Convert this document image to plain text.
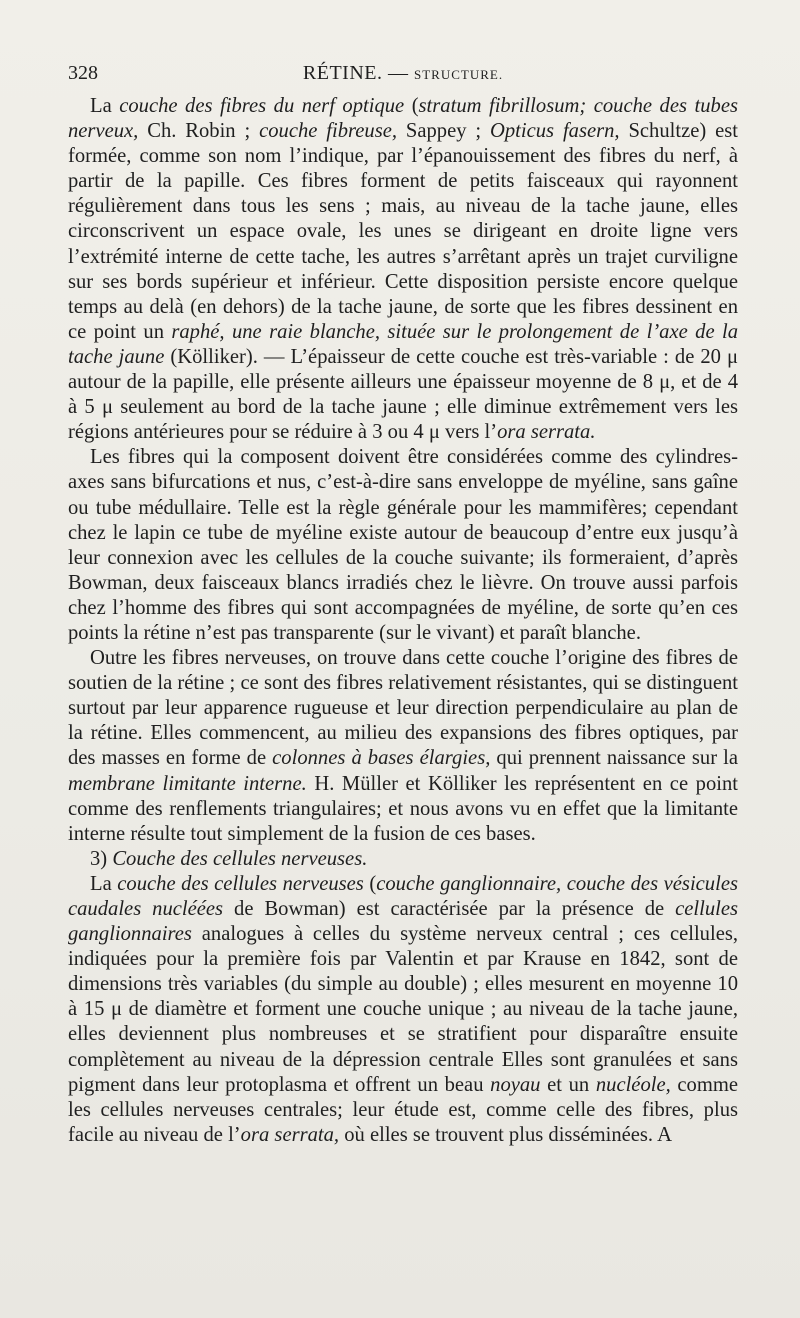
328	RÉTINE. — STRUCTURE.

La couche des fibres du nerf optique (stratum fibrillosum; couche des tubes nerveux, Ch. Robin ; couche fibreuse, Sappey ; Opticus fasern, Schultze) est formée, comme son nom l’indique, par l’épanouissement des fibres du nerf, à partir de la papille. Ces fibres forment de petits faisceaux qui rayonnent régulièrement dans tous les sens ; mais, au niveau de la tache jaune, elles circonscrivent un espace ovale, les unes se dirigeant en droite ligne vers l’extrémité interne de cette tache, les autres s’arrêtant après un trajet curviligne sur ses bords supérieur et inférieur. Cette disposition persiste encore quelque temps au delà (en dehors) de la tache jaune, de sorte que les fibres dessinent en ce point un raphé, une raie blanche, située sur le prolongement de l’axe de la tache jaune (Kölliker). — L’épaisseur de cette couche est très-variable : de 20 μ autour de la papille, elle présente ailleurs une épaisseur moyenne de 8 μ, et de 4 à 5 μ seulement au bord de la tache jaune ; elle diminue extrêmement vers les régions antérieures pour se réduire à 3 ou 4 μ vers l’ora serrata.

Les fibres qui la composent doivent être considérées comme des cylindres-axes sans bifurcations et nus, c’est-à-dire sans enveloppe de myéline, sans gaîne ou tube médullaire. Telle est la règle générale pour les mammifères; cependant chez le lapin ce tube de myéline existe autour de beaucoup d’entre eux jusqu’à leur connexion avec les cellules de la couche suivante; ils formeraient, d’après Bowman, deux faisceaux blancs irradiés chez le lièvre. On trouve aussi parfois chez l’homme des fibres qui sont accompagnées de myéline, de sorte qu’en ces points la rétine n’est pas transparente (sur le vivant) et paraît blanche.

Outre les fibres nerveuses, on trouve dans cette couche l’origine des fibres de soutien de la rétine ; ce sont des fibres relativement résistantes, qui se distinguent surtout par leur apparence rugueuse et leur direction perpendiculaire au plan de la rétine. Elles commencent, au milieu des expansions des fibres optiques, par des masses en forme de colonnes à bases élargies, qui prennent naissance sur la membrane limitante interne. H. Müller et Kölliker les représentent en ce point comme des renflements triangulaires; et nous avons vu en effet que la limitante interne résulte tout simplement de la fusion de ces bases.

3) Couche des cellules nerveuses.

La couche des cellules nerveuses (couche ganglionnaire, couche des vésicules caudales nucléées de Bowman) est caractérisée par la présence de cellules ganglionnaires analogues à celles du système nerveux central ; ces cellules, indiquées pour la première fois par Valentin et par Krause en 1842, sont de dimensions très variables (du simple au double) ; elles mesurent en moyenne 10 à 15 μ de diamètre et forment une couche unique ; au niveau de la tache jaune, elles deviennent plus nombreuses et se stratifient pour disparaître ensuite complètement au niveau de la dépression centrale Elles sont granulées et sans pigment dans leur protoplasma et offrent un beau noyau et un nucléole, comme les cellules nerveuses centrales; leur étude est, comme celle des fibres, plus facile au niveau de l’ora serrata, où elles se trouvent plus disséminées. A
